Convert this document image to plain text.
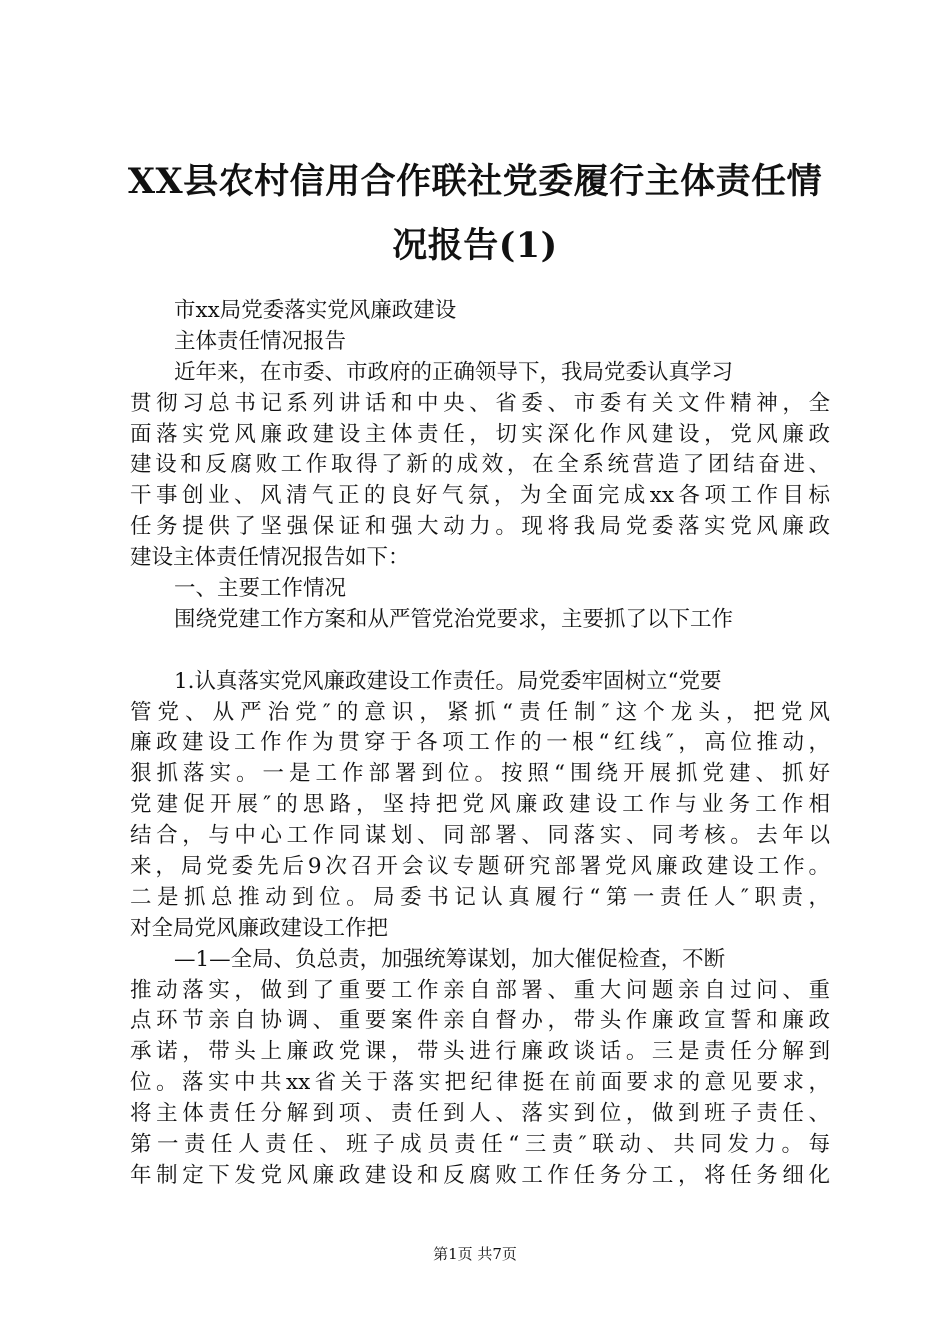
XX县农村信用合作联社党委履行主体责任情
况报告(1)
市xx局党委落实党风廉政建设
主体责任情况报告
近年来，在市委、市政府的正确领导下，我局党委认真学习
贯彻习总书记系列讲话和中央、省委、市委有关文件精神，全
面落实党风廉政建设主体责任，切实深化作风建设，党风廉政
建设和反腐败工作取得了新的成效，在全系统营造了团结奋进、
干事创业、风清气正的良好气氛，为全面完成xx各项工作目标
任务提供了坚强保证和强大动力。现将我局党委落实党风廉政
建设主体责任情况报告如下：
一、主要工作情况
围绕党建工作方案和从严管党治党要求，主要抓了以下工作
1.认真落实党风廉政建设工作责任。局党委牢固树立“党要
管党、从严治党″的意识，紧抓“责任制″这个龙头，把党风
廉政建设工作作为贯穿于各项工作的一根“红线″，高位推动，
狠抓落实。一是工作部署到位。按照“围绕开展抓党建、抓好
党建促开展″的思路，坚持把党风廉政建设工作与业务工作相
结合，与中心工作同谋划、同部署、同落实、同考核。去年以
来，局党委先后9次召开会议专题研究部署党风廉政建设工作。
二是抓总推动到位。局委书记认真履行“第一责任人″职责，
对全局党风廉政建设工作把
—1—全局、负总责，加强统筹谋划，加大催促检查，不断
推动落实，做到了重要工作亲自部署、重大问题亲自过问、重
点环节亲自协调、重要案件亲自督办，带头作廉政宣誓和廉政
承诺，带头上廉政党课，带头进行廉政谈话。三是责任分解到
位。落实中共xx省关于落实把纪律挺在前面要求的意见要求，
将主体责任分解到项、责任到人、落实到位，做到班子责任、
第一责任人责任、班子成员责任“三责″联动、共同发力。每
年制定下发党风廉政建设和反腐败工作任务分工，将任务细化
第1页 共7页
